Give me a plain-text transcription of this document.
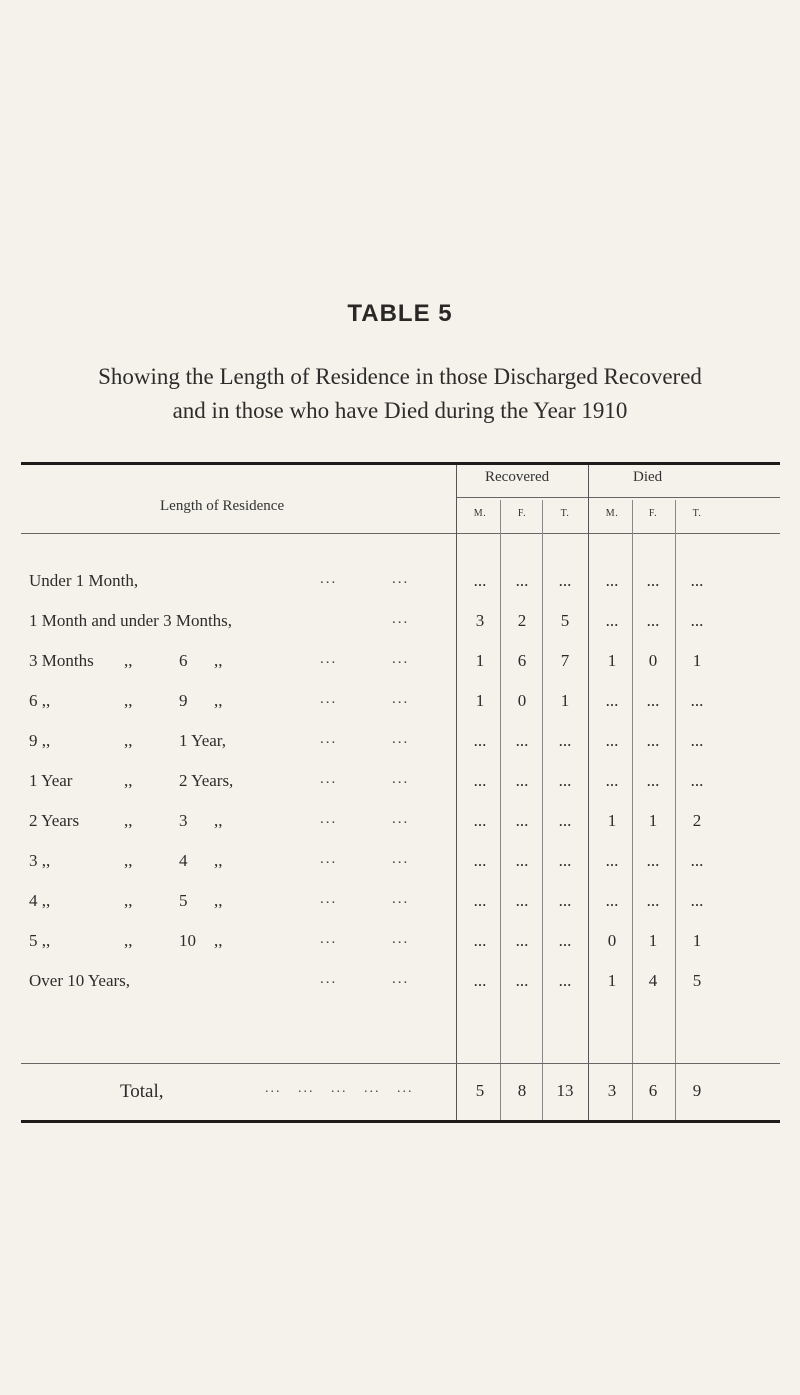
TABLE 5
Showing the Length of Residence in those Discharged Recovered
and in those who have Died during the Year 1910
Length of Residence
Recovered	Died
M.	F.	T.	M.	F.	T.
Under 1 Month,	...	...	...	...	...	...	...	...
1 Month and under 3 Months,	...	3	2	5	...	...	...
3 Months ,,	6 ,,	...	...	1	6	7	1	0	1
6 ,,	,,	9 ,,	...	...	1	0	1	...	...	...
9 ,,	,,	1 Year,	...	...	...	...	...	...	...	...
1 Year	,,	2 Years,	...	...	...	...	...	...	...	...
2 Years	,,	3 ,,	...	...	...	...	...	1	1	2
3 ,,	,,	4 ,,	...	...	...	...	...	...	...	...
4 ,,	,,	5 ,,	...	...	...	...	...	...	...	...
5 ,,	,,	10 ,,	...	...	...	...	...	0	1	1
Over 10 Years,	...	...	...	...	...	1	4	5
Total,	...   ...   ...   ...   ...	5	8	13	3	6	9
